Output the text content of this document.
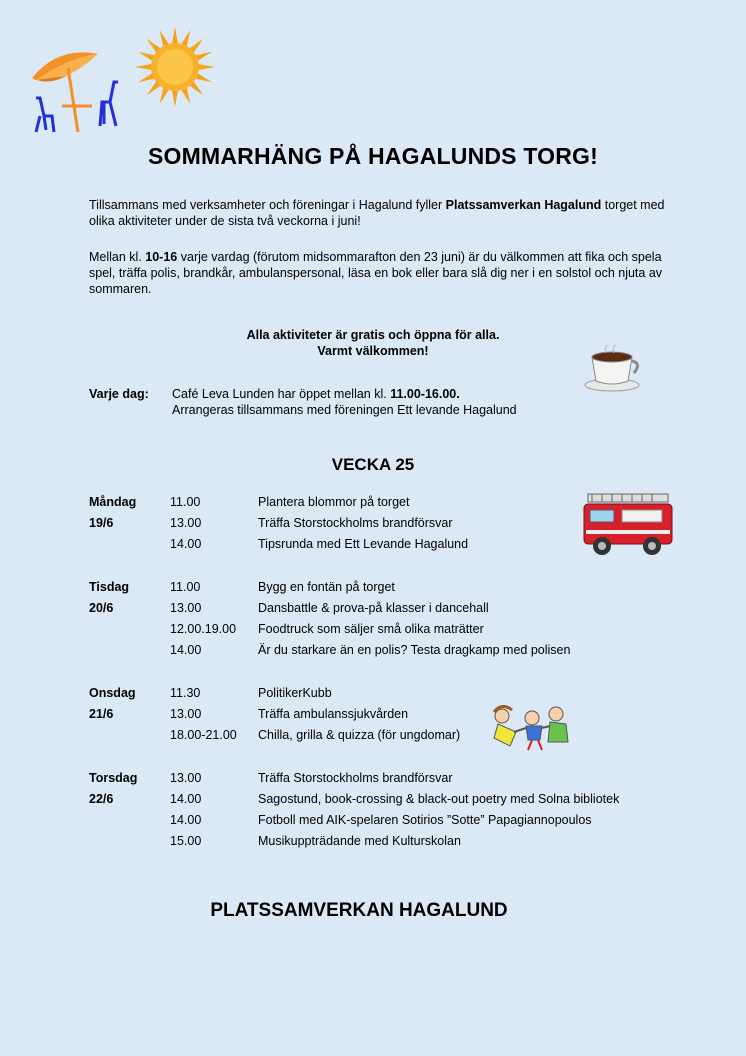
SOMMARHÄNG PÅ HAGALUNDS TORG!
Tillsammans med verksamheter och föreningar i Hagalund fyller Platssamverkan Hagalund torget med olika aktiviteter under de sista två veckorna i juni!
Mellan kl. 10-16 varje vardag (förutom midsommarafton den 23 juni) är du välkommen att fika och spela spel, träffa polis, brandkår, ambulanspersonal, läsa en bok eller bara slå dig ner i en solstol och njuta av sommaren.
Alla aktiviteter är gratis och öppna för alla.
Varmt välkommen!
Varje dag: Café Leva Lunden har öppet mellan kl. 11.00-16.00.
Arrangeras tillsammans med föreningen Ett levande Hagalund
VECKA 25
Måndag
19/6
11.00	Plantera blommor på torget
13.00	Träffa Storstockholms brandförsvar
14.00	Tipsrunda med Ett Levande Hagalund
Tisdag
20/6
11.00	Bygg en fontän på torget
13.00	Dansbattle & prova-på klasser i dancehall
12.00.19.00 Foodtruck som säljer små olika maträtter
14.00	Är du starkare än en polis? Testa dragkamp med polisen
Onsdag
21/6
11.30	PolitikerKubb
13.00	Träffa ambulanssjukvården
18.00-21.00 Chilla, grilla & quizza (för ungdomar)
Torsdag
22/6
13.00	Träffa Storstockholms brandförsvar
14.00	Sagostund, book-crossing & black-out poetry med Solna bibliotek
14.00	Fotboll med AIK-spelaren Sotirios ”Sotte” Papagiannopoulos
15.00	Musikuppträdande med Kulturskolan
PLATSSAMVERKAN HAGALUND
